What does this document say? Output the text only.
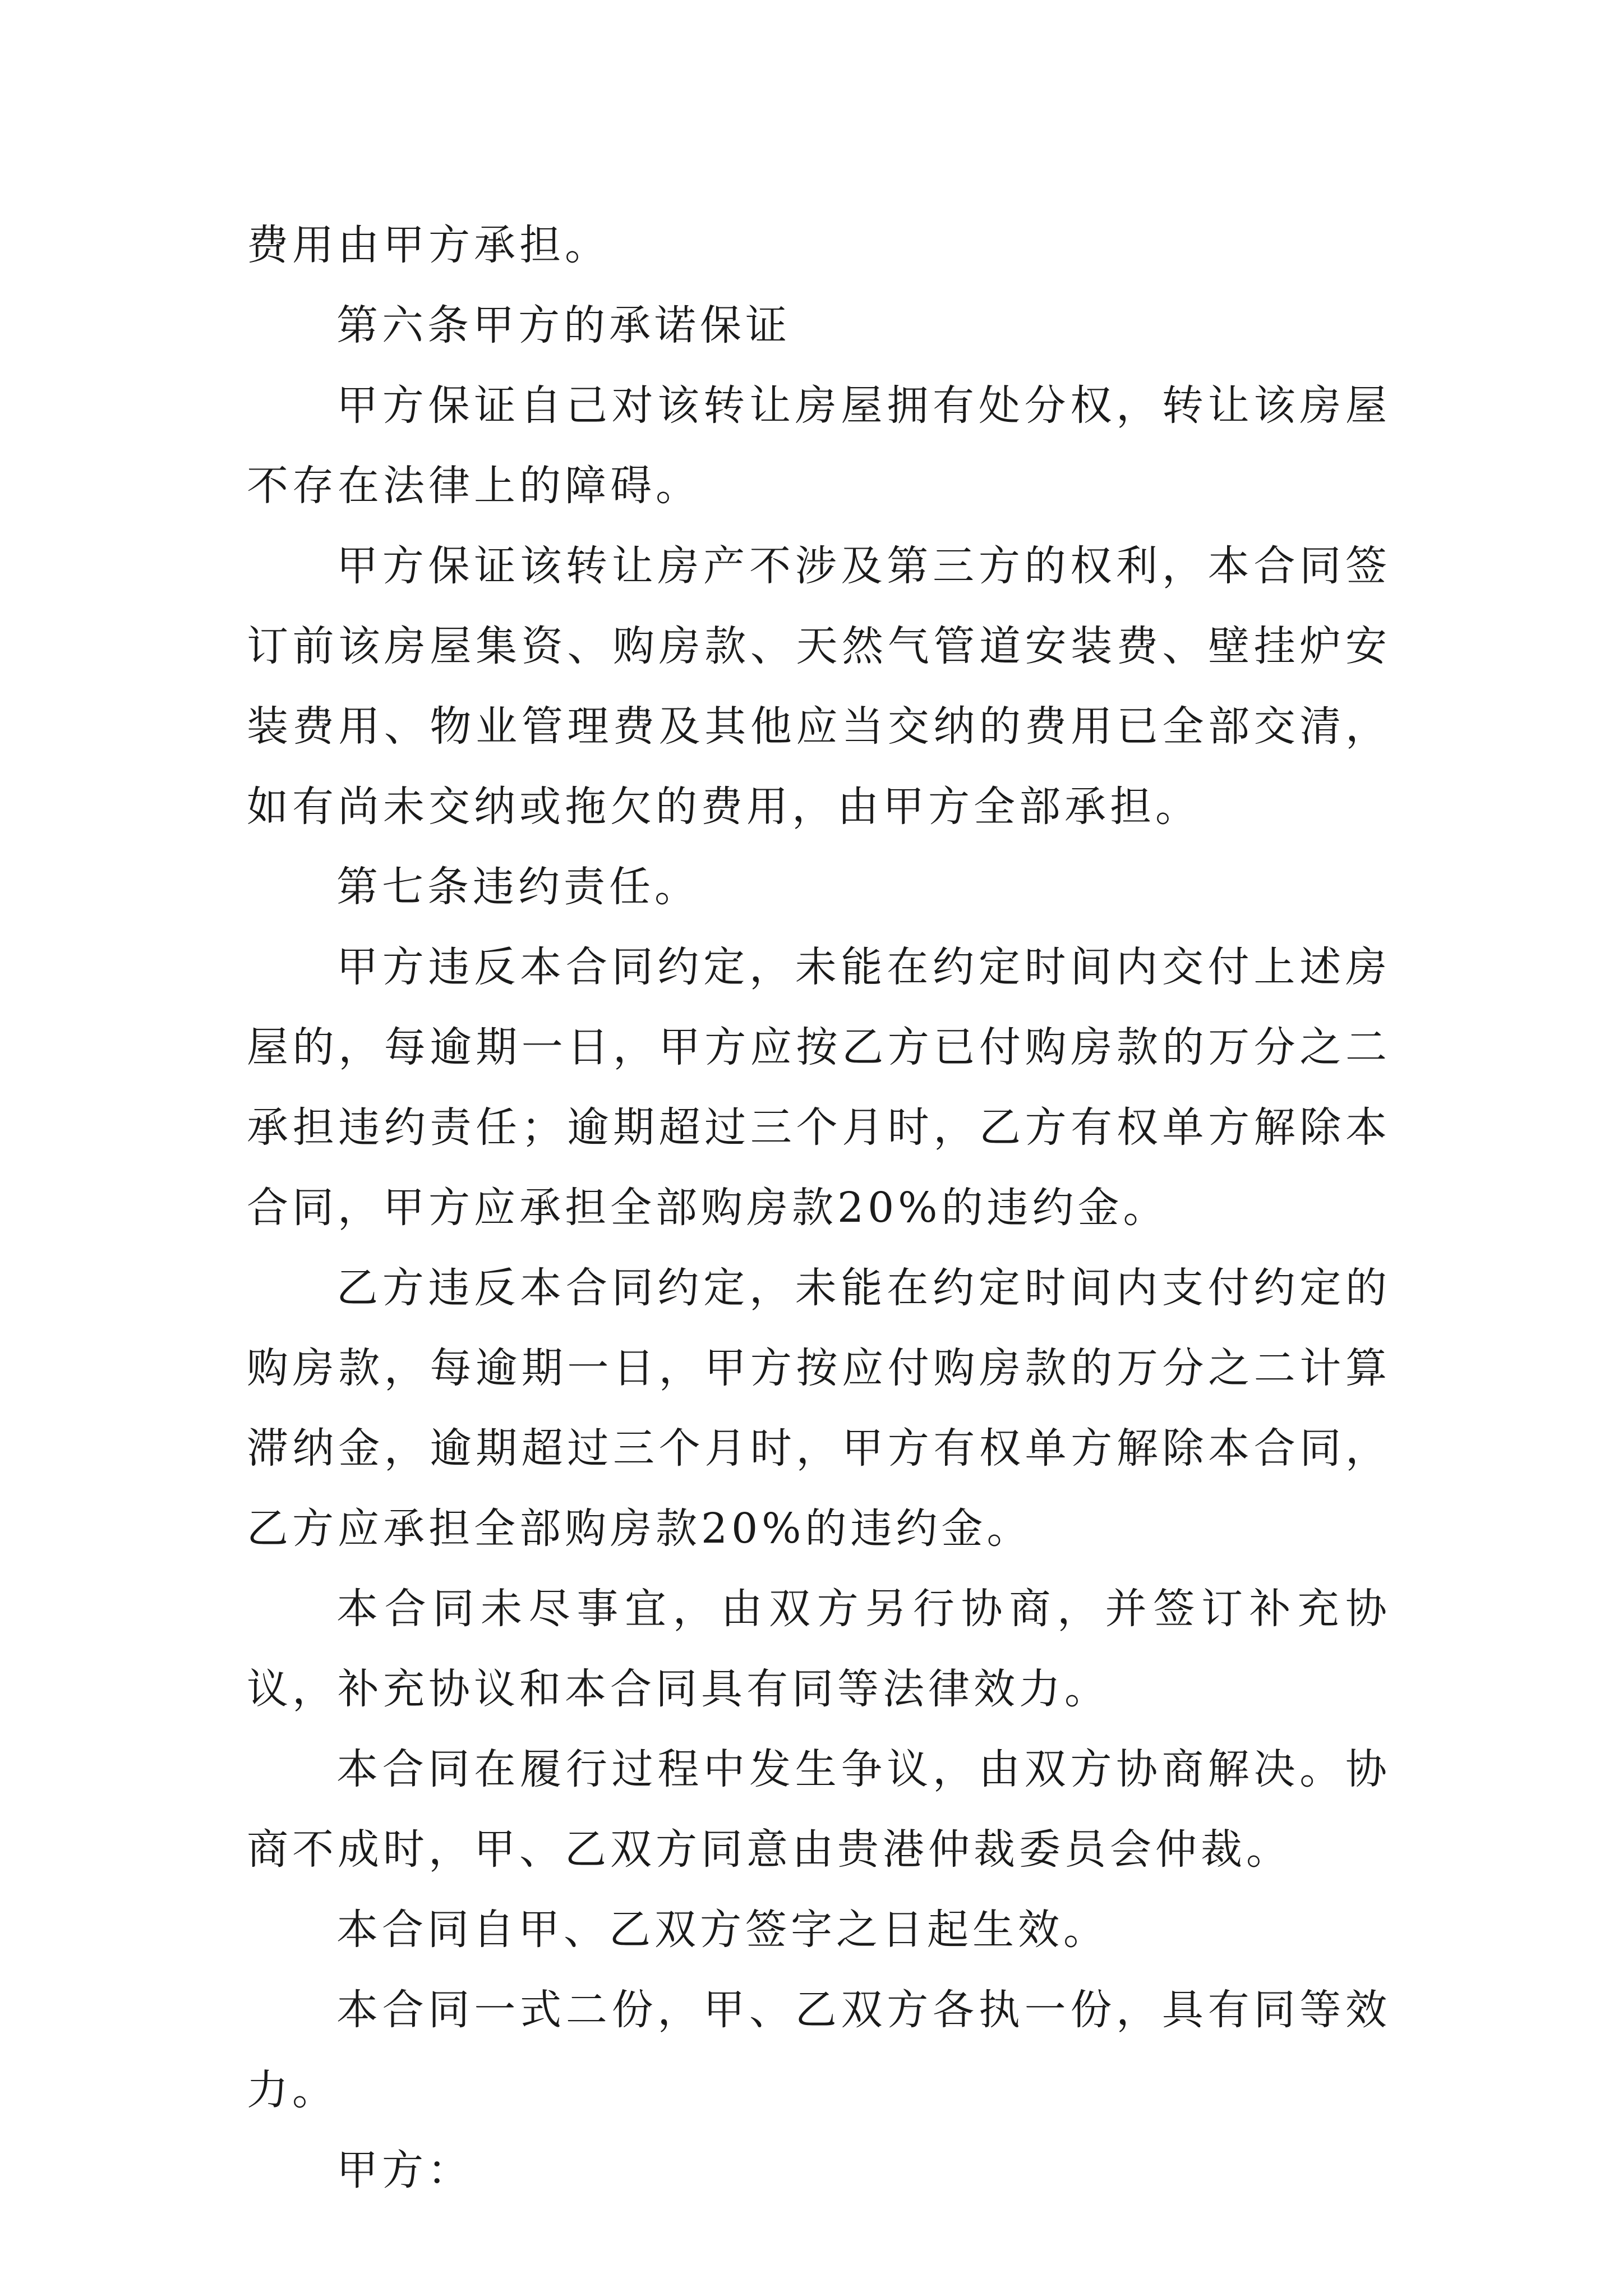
费用由甲方承担。

第六条甲方的承诺保证

甲方保证自己对该转让房屋拥有处分权，转让该房屋不存在法律上的障碍。

甲方保证该转让房产不涉及第三方的权利，本合同签订前该房屋集资、购房款、天然气管道安装费、壁挂炉安装费用、物业管理费及其他应当交纳的费用已全部交清，如有尚未交纳或拖欠的费用，由甲方全部承担。

第七条违约责任。

甲方违反本合同约定，未能在约定时间内交付上述房屋的，每逾期一日，甲方应按乙方已付购房款的万分之二承担违约责任；逾期超过三个月时，乙方有权单方解除本合同，甲方应承担全部购房款20%的违约金。

乙方违反本合同约定，未能在约定时间内支付约定的购房款，每逾期一日，甲方按应付购房款的万分之二计算滞纳金，逾期超过三个月时，甲方有权单方解除本合同，乙方应承担全部购房款20%的违约金。

本合同未尽事宜，由双方另行协商，并签订补充协议，补充协议和本合同具有同等法律效力。

本合同在履行过程中发生争议，由双方协商解决。协商不成时，甲、乙双方同意由贵港仲裁委员会仲裁。

本合同自甲、乙双方签字之日起生效。

本合同一式二份，甲、乙双方各执一份，具有同等效力。

甲方：
